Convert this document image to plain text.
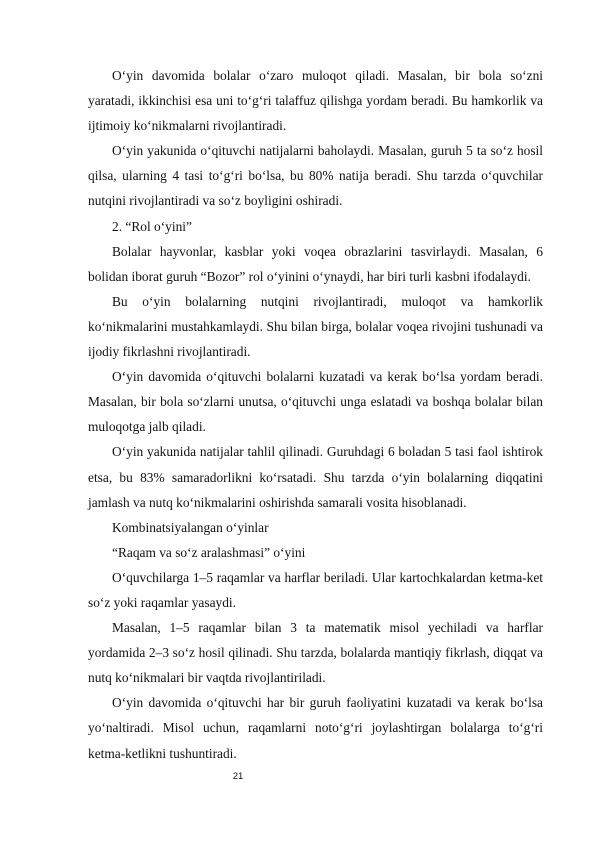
O‘yin davomida bolalar o‘zaro muloqot qiladi. Masalan, bir bola so‘zni yaratadi, ikkinchisi esa uni to‘g‘ri talaffuz qilishga yordam beradi. Bu hamkorlik va ijtimoiy ko‘nikmalarni rivojlantiradi.

O‘yin yakunida o‘qituvchi natijalarni baholaydi. Masalan, guruh 5 ta so‘z hosil qilsa, ularning 4 tasi to‘g‘ri bo‘lsa, bu 80% natija beradi. Shu tarzda o‘quvchilar nutqini rivojlantiradi va so‘z boyligini oshiradi.

2. “Rol o‘yini”

Bolalar hayvonlar, kasblar yoki voqea obrazlarini tasvirlaydi. Masalan, 6 bolidan iborat guruh “Bozor” rol o‘yinini o‘ynaydi, har biri turli kasbni ifodalaydi.

Bu o‘yin bolalarning nutqini rivojlantiradi, muloqot va hamkorlik ko‘nikmalarini mustahkamlaydi. Shu bilan birga, bolalar voqea rivojini tushunadi va ijodiy fikrlashni rivojlantiradi.

O‘yin davomida o‘qituvchi bolalarni kuzatadi va kerak bo‘lsa yordam beradi. Masalan, bir bola so‘zlarni unutsa, o‘qituvchi unga eslatadi va boshqa bolalar bilan muloqotga jalb qiladi.

O‘yin yakunida natijalar tahlil qilinadi. Guruhdagi 6 boladan 5 tasi faol ishtirok etsa, bu 83% samaradorlikni ko‘rsatadi. Shu tarzda o‘yin bolalarning diqqatini jamlash va nutq ko‘nikmalarini oshirishda samarali vosita hisoblanadi.

Kombinatsiyalangan o‘yinlar

“Raqam va so‘z aralashmasi” o‘yini

O‘quvchilarga 1–5 raqamlar va harflar beriladi. Ular kartochkalardan ketma-ket so‘z yoki raqamlar yasaydi.

Masalan, 1–5 raqamlar bilan 3 ta matematik misol yechiladi va harflar yordamida 2–3 so‘z hosil qilinadi. Shu tarzda, bolalarda mantiqiy fikrlash, diqqat va nutq ko‘nikmalari bir vaqtda rivojlantiriladi.

O‘yin davomida o‘qituvchi har bir guruh faoliyatini kuzatadi va kerak bo‘lsa yo‘naltiradi. Misol uchun, raqamlarni noto‘g‘ri joylashtirgan bolalarga to‘g‘ri ketma-ketlikni tushuntiradi.

21
